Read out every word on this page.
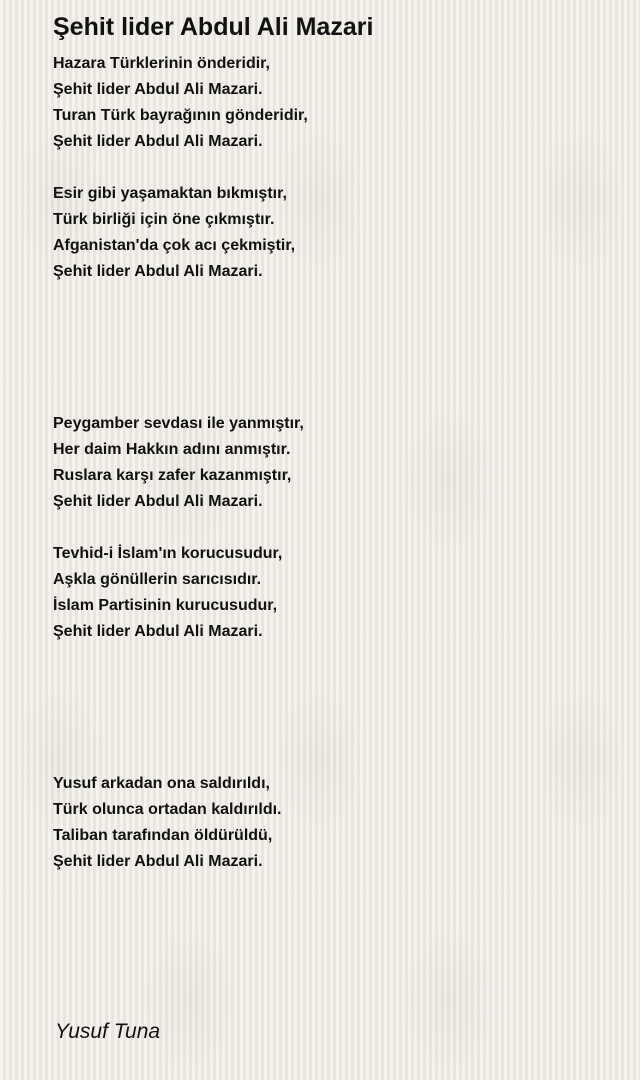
Şehit lider Abdul Ali Mazari
Hazara Türklerinin önderidir,
Şehit lider Abdul Ali Mazari.
Turan Türk bayrağının gönderidir,
Şehit lider Abdul Ali Mazari.
Esir gibi yaşamaktan bıkmıştır,
Türk birliği için öne çıkmıştır.
Afganistan'da çok acı çekmiştir,
Şehit lider Abdul Ali Mazari.
Peygamber sevdası ile yanmıştır,
Her daim Hakkın adını anmıştır.
Ruslara karşı zafer kazanmıştır,
Şehit lider Abdul Ali Mazari.
Tevhid-i İslam'ın korucusudur,
Aşkla gönüllerin sarıcısıdır.
İslam Partisinin kurucusudur,
Şehit lider Abdul Ali Mazari.
Yusuf arkadan ona saldırıldı,
Türk olunca ortadan kaldırıldı.
Taliban tarafından öldürüldü,
Şehit lider Abdul Ali Mazari.

Yusuf Tuna
